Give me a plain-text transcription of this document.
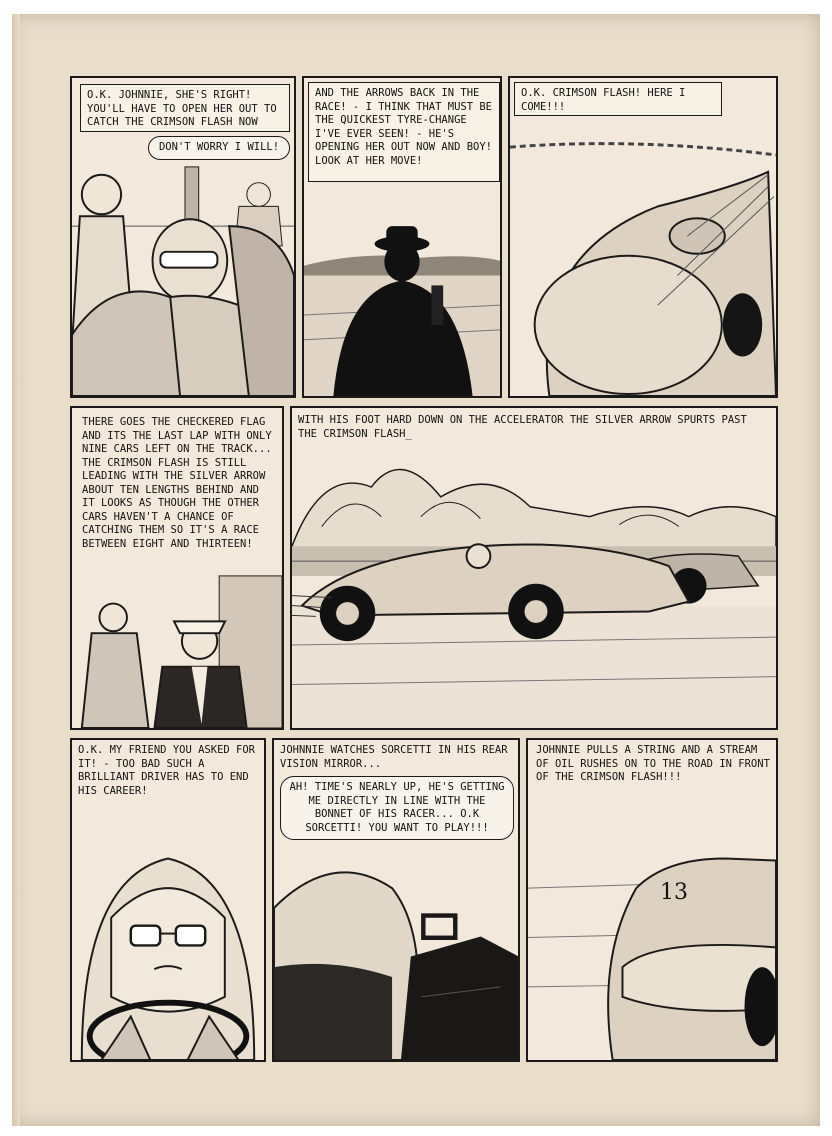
O.K. JOHNNIE, SHE'S RIGHT! YOU'LL HAVE TO OPEN HER OUT TO CATCH THE CRIMSON FLASH NOW
DON'T WORRY I WILL!
AND THE ARROWS BACK IN THE RACE! - I THINK THAT MUST BE THE QUICKEST TYRE-CHANGE I'VE EVER SEEN! - HE'S OPENING HER OUT NOW AND BOY! LOOK AT HER MOVE!
O.K. CRIMSON FLASH! HERE I COME!!!
THERE GOES THE CHECKERED FLAG AND ITS THE LAST LAP WITH ONLY NINE CARS LEFT ON THE TRACK... THE CRIMSON FLASH IS STILL LEADING WITH THE SILVER ARROW ABOUT TEN LENGTHS BEHIND AND IT LOOKS AS THOUGH THE OTHER CARS HAVEN'T A CHANCE OF CATCHING THEM SO IT'S A RACE BETWEEN EIGHT AND THIRTEEN!
WITH HIS FOOT HARD DOWN ON THE ACCELERATOR THE SILVER ARROW SPURTS PAST THE CRIMSON FLASH_
O.K. MY FRIEND YOU ASKED FOR IT! - TOO BAD SUCH A BRILLIANT DRIVER HAS TO END HIS CAREER!
JOHNNIE WATCHES SORCETTI IN HIS REAR VISION MIRROR...
AH! TIME'S NEARLY UP, HE'S GETTING ME DIRECTLY IN LINE WITH THE BONNET OF HIS RACER... O.K SORCETTI! YOU WANT TO PLAY!!!
JOHNNIE PULLS A STRING AND A STREAM OF OIL RUSHES ON TO THE ROAD IN FRONT OF THE CRIMSON FLASH!!!
13
